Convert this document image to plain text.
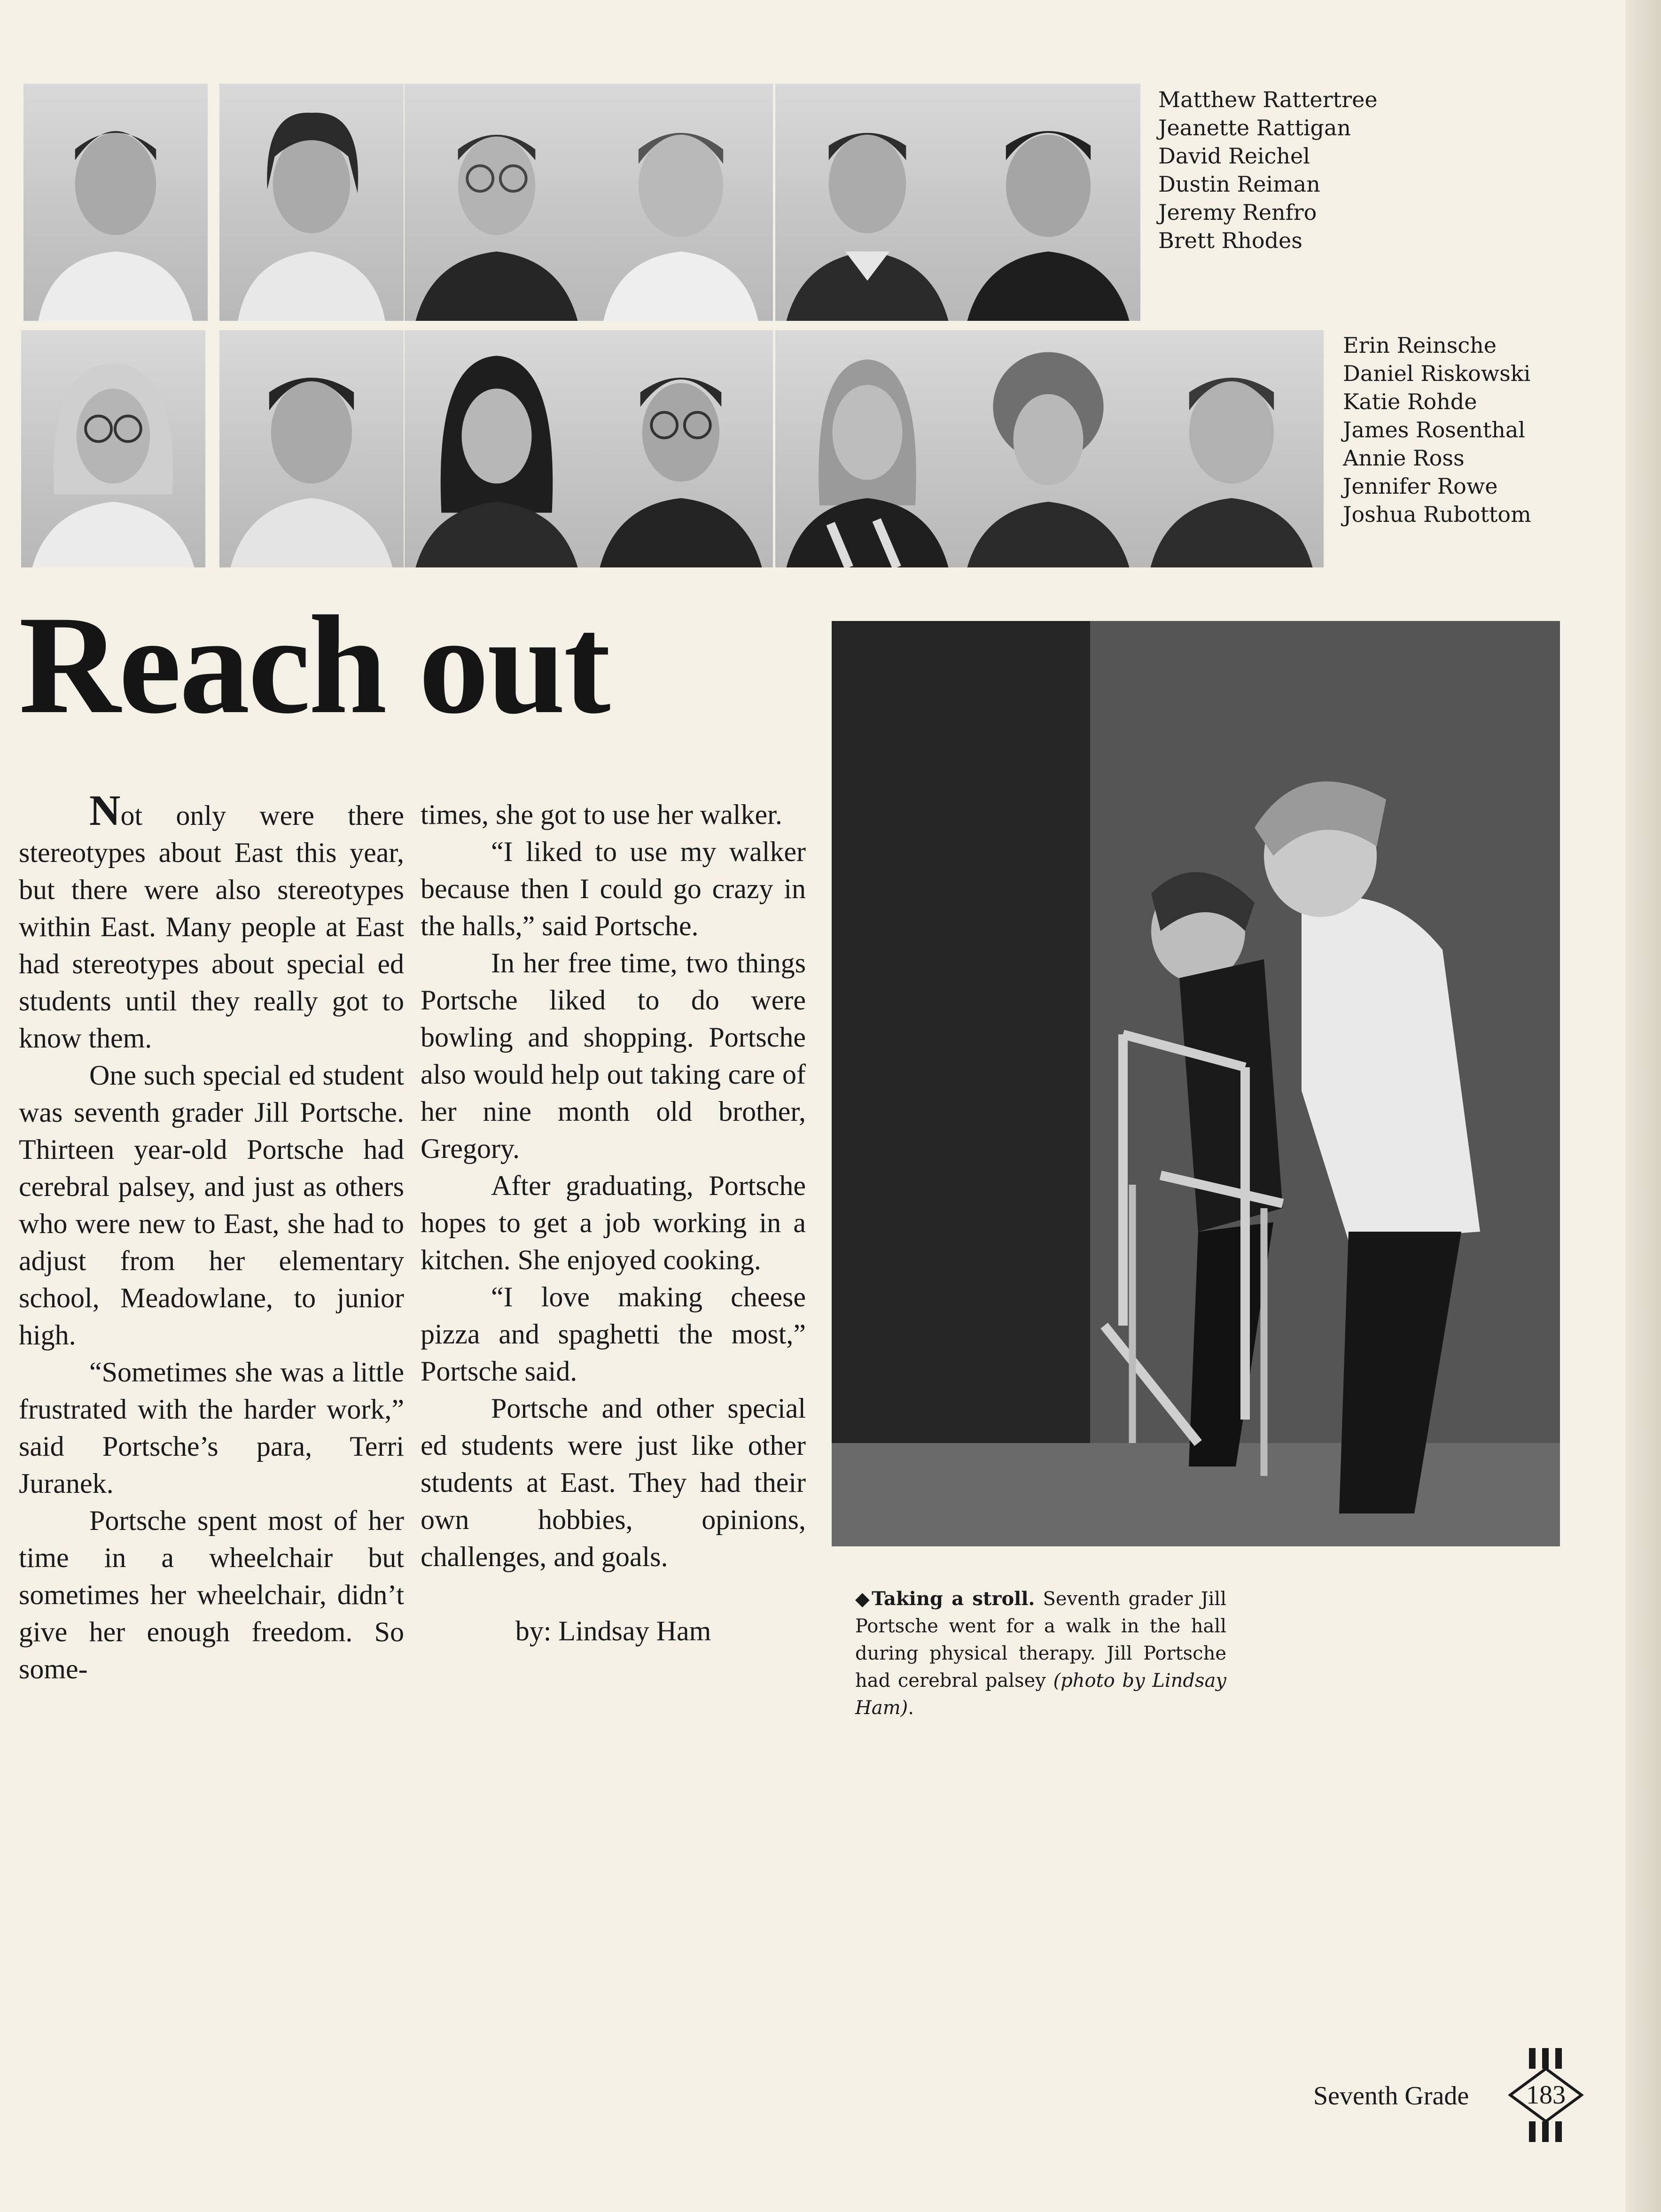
Matthew Rattertree
Jeanette Rattigan
David Reichel
Dustin Reiman
Jeremy Renfro
Brett Rhodes
Erin Reinsche
Daniel Riskowski
Katie Rohde
James Rosenthal
Annie Ross
Jennifer Rowe
Joshua Rubottom
Reach out

Not only were there stereotypes about East this year, but there were also stereotypes within East. Many people at East had stereotypes about special ed students until they really got to know them.

One such special ed student was seventh grader Jill Portsche. Thirteen year-old Portsche had cerebral palsey, and just as others who were new to East, she had to adjust from her elementary school, Meadowlane, to junior high.

“Sometimes she was a little frustrated with the harder work,” said Portsche’s para, Terri Juranek.

Portsche spent most of her time in a wheelchair but sometimes her wheelchair, didn’t give her enough freedom. So some-

times, she got to use her walker.

“I liked to use my walker because then I could go crazy in the halls,” said Portsche.

In her free time, two things Portsche liked to do were bowling and shopping. Portsche also would help out taking care of her nine month old brother, Gregory.

After graduating, Portsche hopes to get a job working in a kitchen. She enjoyed cooking.

“I love making cheese pizza and spaghetti the most,” Portsche said.

Portsche and other special ed students were just like other students at East. They had their own hobbies, opinions, challenges, and goals.

by: Lindsay Ham

◆Taking a stroll. Seventh grader Jill Portsche went for a walk in the hall during physical therapy. Jill Portsche had cerebral palsey (photo by Lindsay Ham).
Seventh Grade	183
